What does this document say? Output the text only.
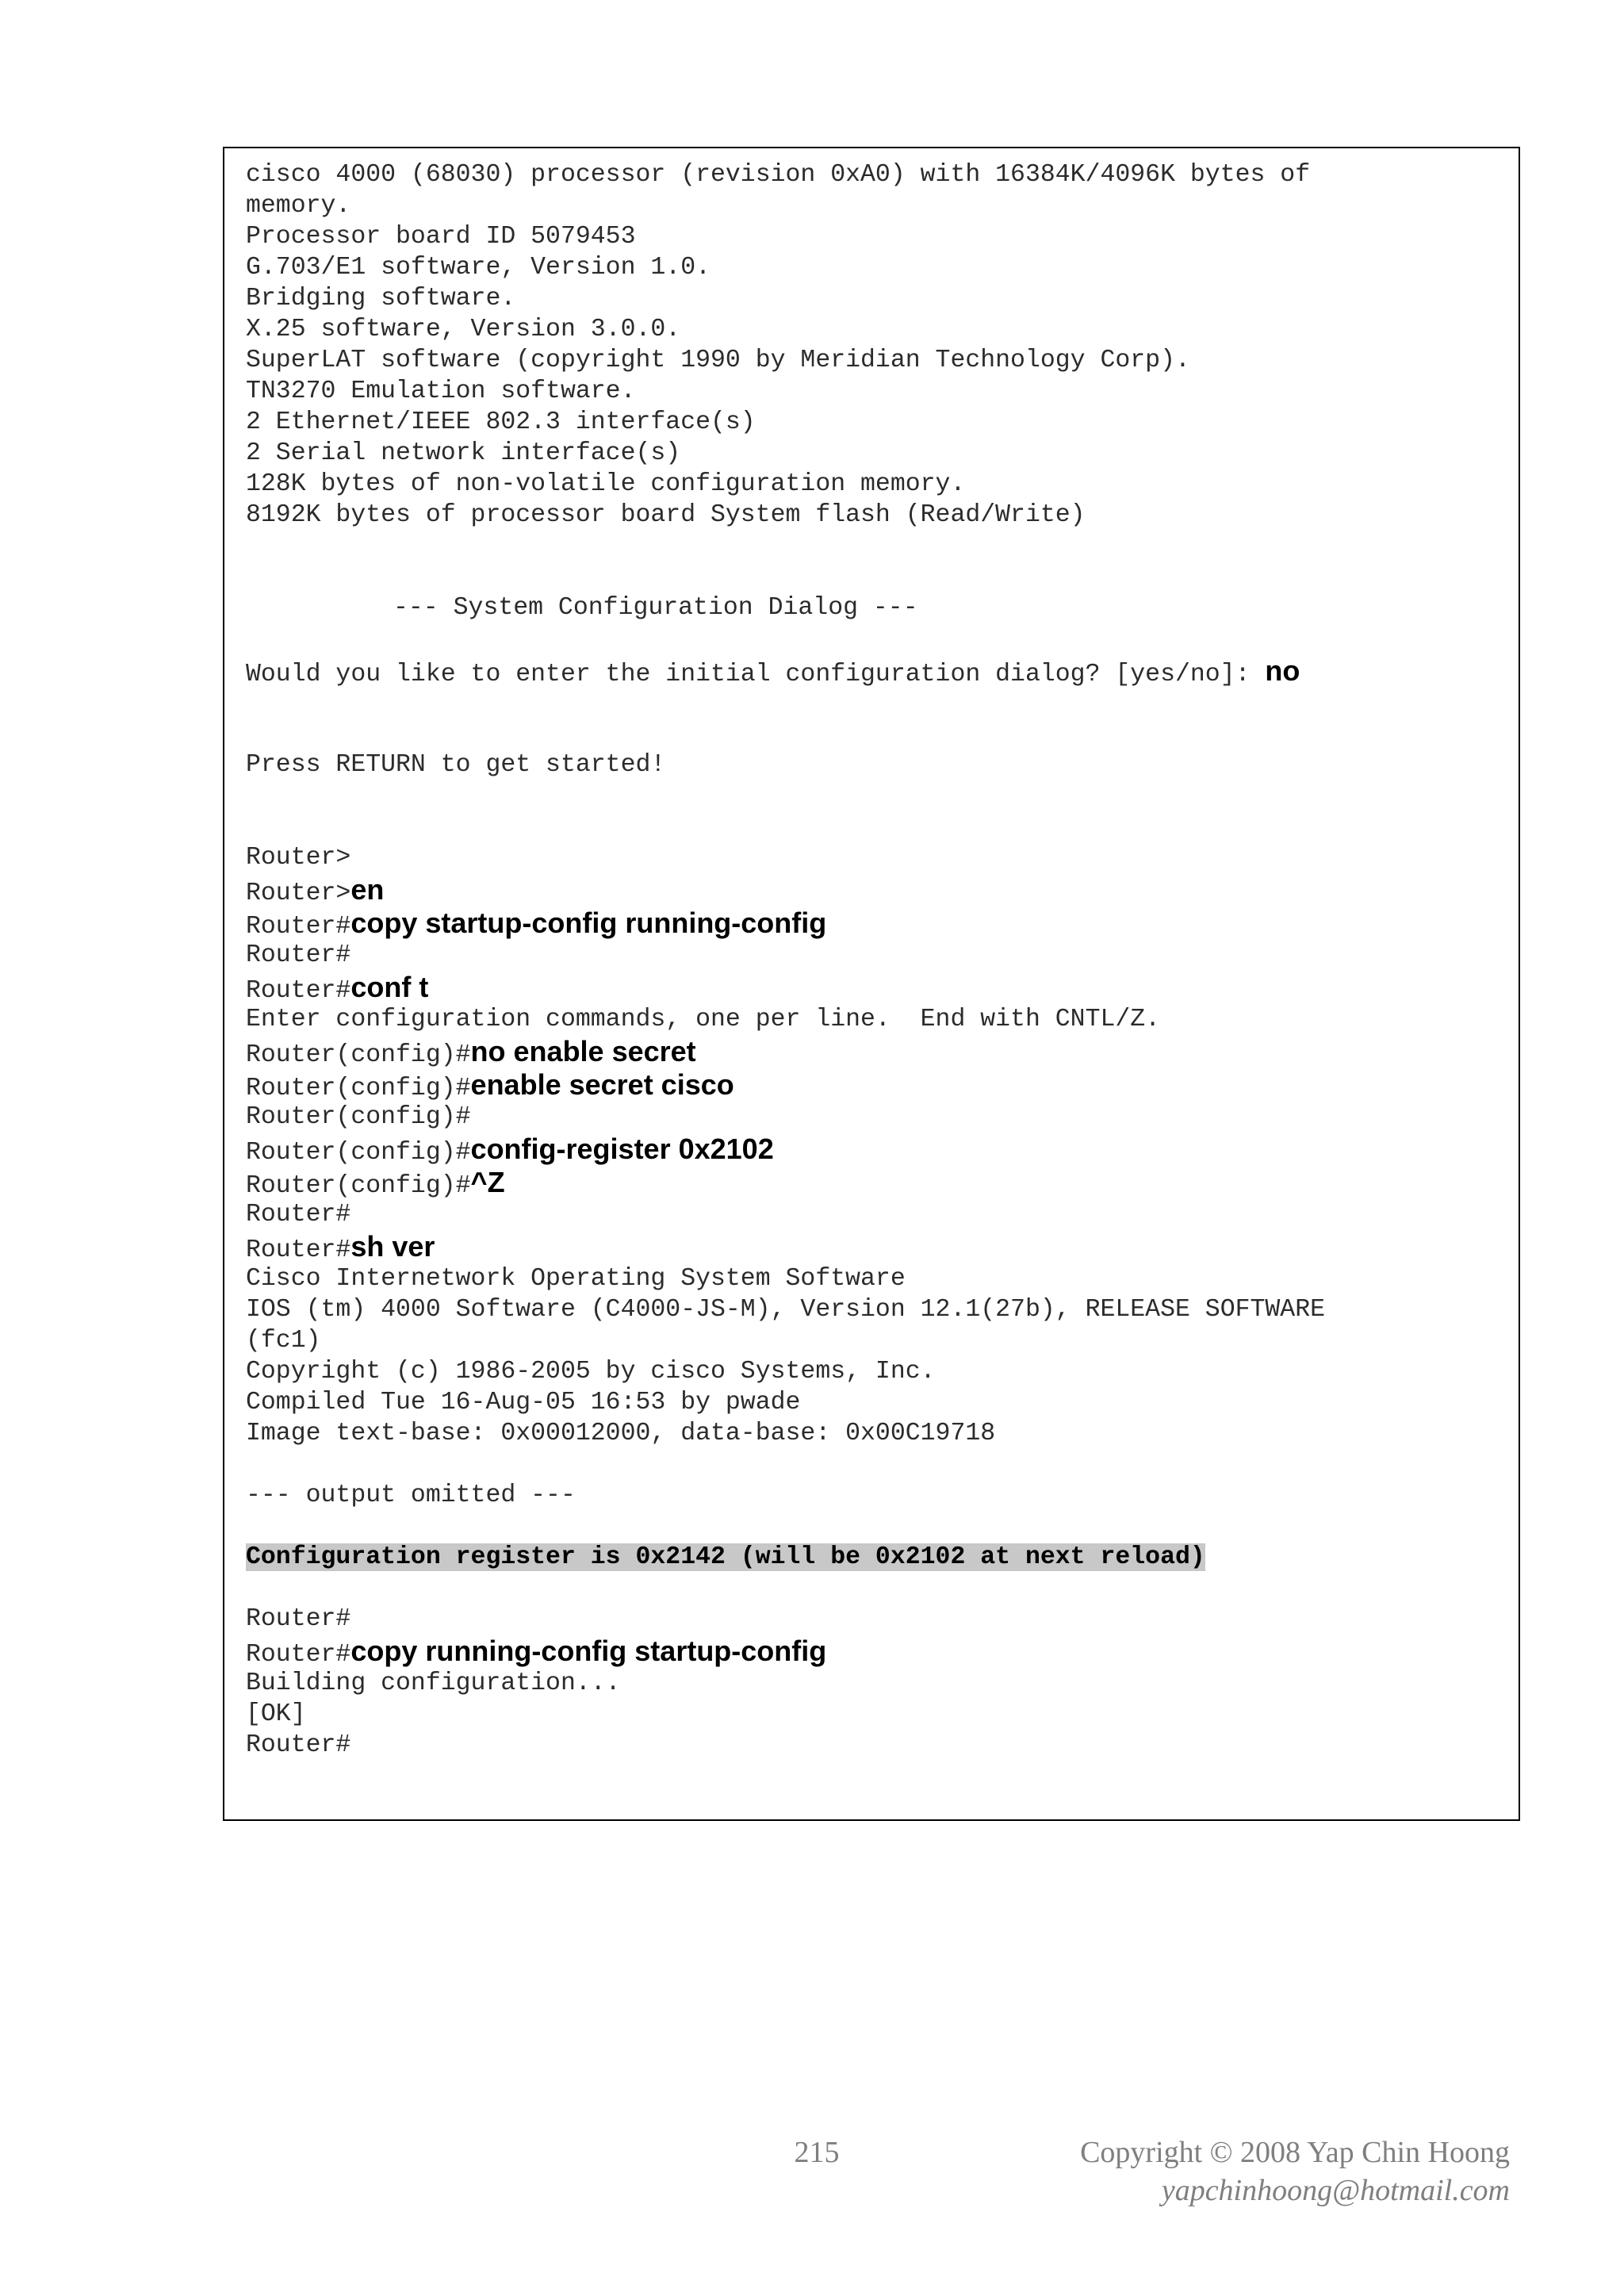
cisco 4000 (68030) processor (revision 0xA0) with 16384K/4096K bytes of
memory.
Processor board ID 5079453
G.703/E1 software, Version 1.0.
Bridging software.
X.25 software, Version 3.0.0.
SuperLAT software (copyright 1990 by Meridian Technology Corp).
TN3270 Emulation software.
2 Ethernet/IEEE 802.3 interface(s)
2 Serial network interface(s)
128K bytes of non-volatile configuration memory.
8192K bytes of processor board System flash (Read/Write)
--- System Configuration Dialog ---
Would you like to enter the initial configuration dialog? [yes/no]: no
Press RETURN to get started!
Router>
Router>en
Router#copy startup-config running-config
Router#
Router#conf t
Enter configuration commands, one per line.  End with CNTL/Z.
Router(config)#no enable secret
Router(config)#enable secret cisco
Router(config)#
Router(config)#config-register 0x2102
Router(config)#^Z
Router#
Router#sh ver
Cisco Internetwork Operating System Software
IOS (tm) 4000 Software (C4000-JS-M), Version 12.1(27b), RELEASE SOFTWARE
(fc1)
Copyright (c) 1986-2005 by cisco Systems, Inc.
Compiled Tue 16-Aug-05 16:53 by pwade
Image text-base: 0x00012000, data-base: 0x00C19718
--- output omitted ---
Configuration register is 0x2142 (will be 0x2102 at next reload)
Router#
Router#copy running-config startup-config
Building configuration...
[OK]
Router#
215	Copyright © 2008 Yap Chin Hoong
yapchinhoong@hotmail.com
